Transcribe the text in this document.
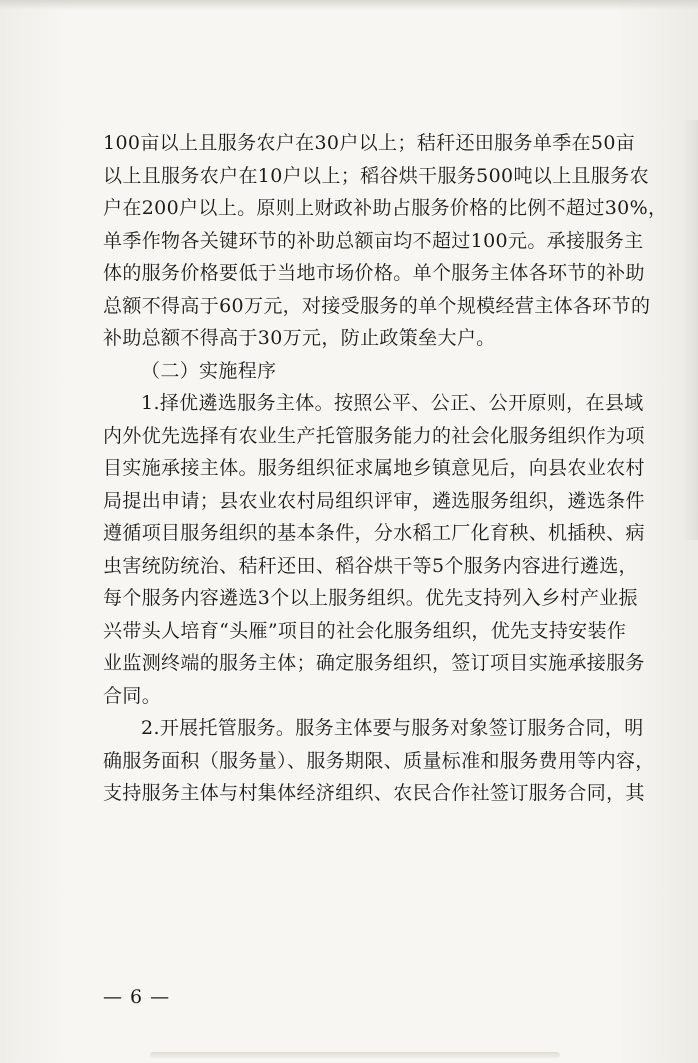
100亩以上且服务农户在30户以上；秸秆还田服务单季在50亩
以上且服务农户在10户以上；稻谷烘干服务500吨以上且服务农
户在200户以上。原则上财政补助占服务价格的比例不超过30%，
单季作物各关键环节的补助总额亩均不超过100元。承接服务主
体的服务价格要低于当地市场价格。单个服务主体各环节的补助
总额不得高于60万元，对接受服务的单个规模经营主体各环节的
补助总额不得高于30万元，防止政策垒大户。
（二）实施程序
1.择优遴选服务主体。按照公平、公正、公开原则，在县域
内外优先选择有农业生产托管服务能力的社会化服务组织作为项
目实施承接主体。服务组织征求属地乡镇意见后，向县农业农村
局提出申请；县农业农村局组织评审，遴选服务组织，遴选条件
遵循项目服务组织的基本条件，分水稻工厂化育秧、机插秧、病
虫害统防统治、秸秆还田、稻谷烘干等5个服务内容进行遴选，
每个服务内容遴选3个以上服务组织。优先支持列入乡村产业振
兴带头人培育“头雁”项目的社会化服务组织，优先支持安装作
业监测终端的服务主体；确定服务组织，签订项目实施承接服务
合同。
2.开展托管服务。服务主体要与服务对象签订服务合同，明
确服务面积（服务量）、服务期限、质量标准和服务费用等内容，
支持服务主体与村集体经济组织、农民合作社签订服务合同，其
— 6 —
